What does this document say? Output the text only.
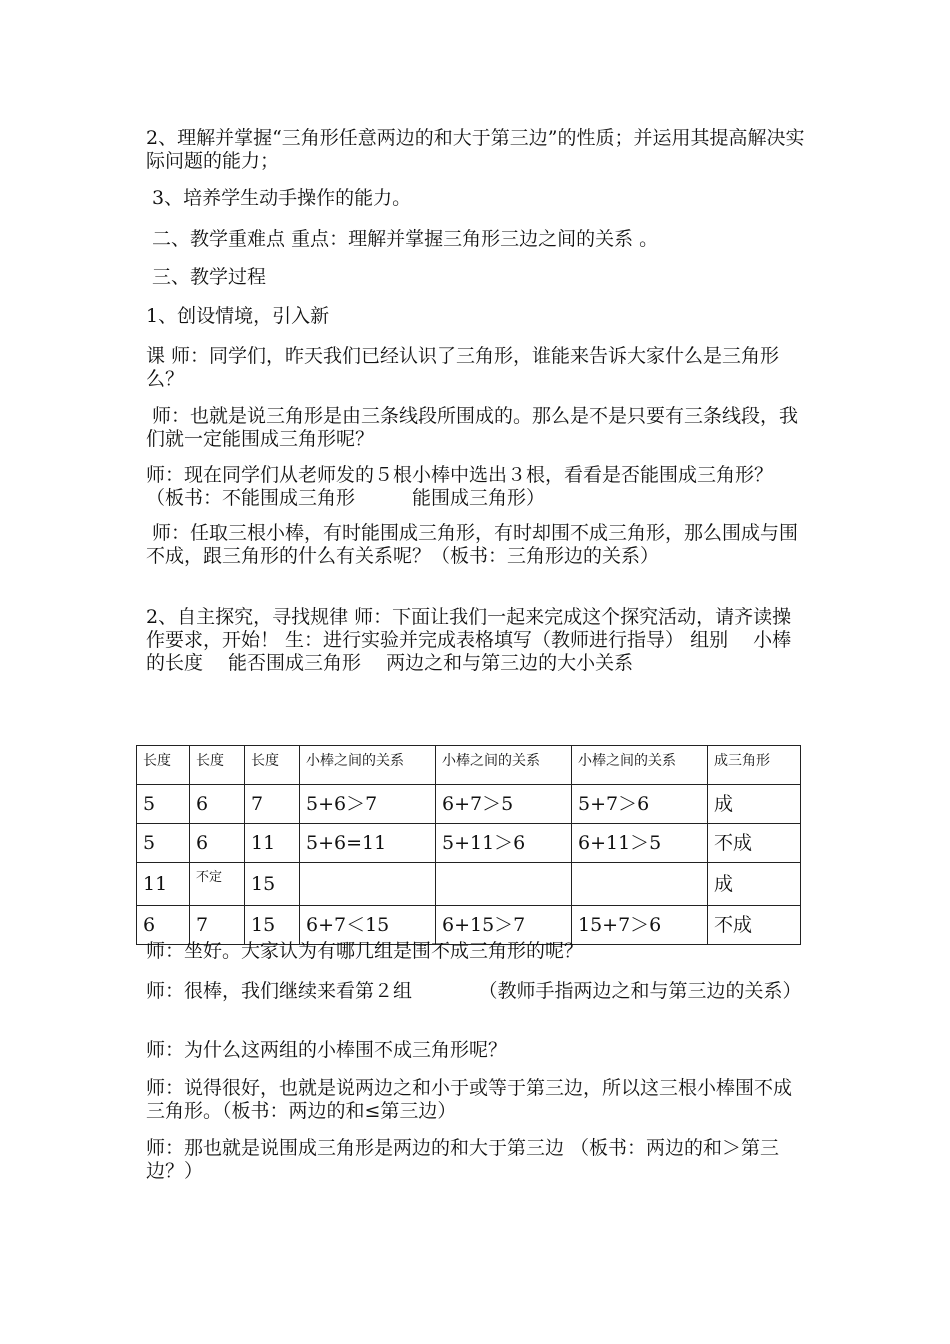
2、理解并掌握“三角形任意两边的和大于第三边”的性质；并运用其提高解决实际问题的能力；

3、培养学生动手操作的能力。

二、教学重难点 重点：理解并掌握三角形三边之间的关系 。

三、教学过程

1、创设情境，引入新

课 师：同学们，昨天我们已经认识了三角形，谁能来告诉大家什么是三角形么？

师：也就是说三角形是由三条线段所围成的。那么是不是只要有三条线段，我们就一定能围成三角形呢？

师：现在同学们从老师发的５根小棒中选出３根，看看是否能围成三角形？ （板书：不能围成三角形　　　能围成三角形）

师：任取三根小棒，有时能围成三角形，有时却围不成三角形，那么围成与围不成，跟三角形的什么有关系呢？（板书：三角形边的关系）

2、自主探究，寻找规律 师：下面让我们一起来完成这个探究活动，请齐读操作要求，开始！ 生：进行实验并完成表格填写（教师进行指导） 组别　 小棒的长度　 能否围成三角形　 两边之和与第三边的大小关系

长度	长度	长度	小棒之间的关系	小棒之间的关系	小棒之间的关系	成三角形
5	6	7	5+6＞7	6+7＞5	5+7＞6	成
5	6	11	5+6=11	5+11＞6	6+11＞5	不成
11	不定	15				成
6	7	15	6+7＜15	6+15＞7	15+7＞6	不成

师：坐好。大家认为有哪几组是围不成三角形的呢？

师：很棒，我们继续来看第２组　　　　（教师手指两边之和与第三边的关系）

师：为什么这两组的小棒围不成三角形呢？

师：说得很好，也就是说两边之和小于或等于第三边，所以这三根小棒围不成三角形。（板书：两边的和≤第三边）

师：那也就是说围成三角形是两边的和大于第三边 （板书：两边的和＞第三边？）
